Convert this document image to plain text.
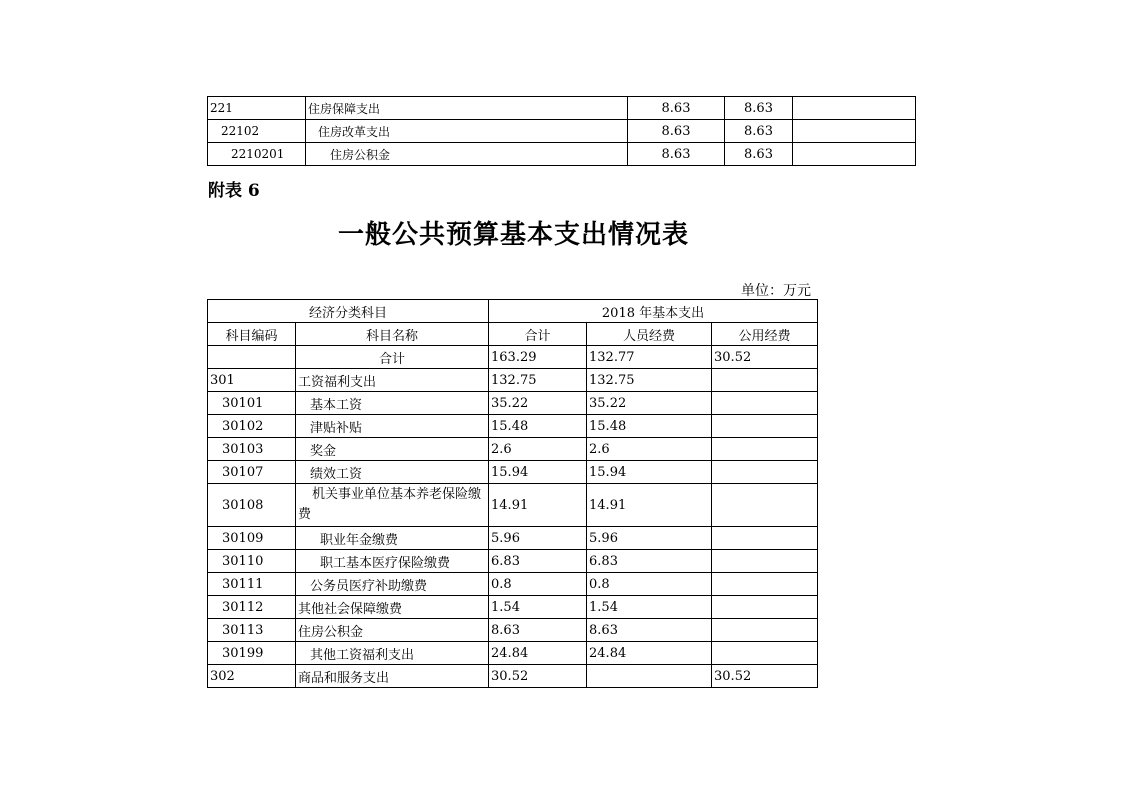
221	住房保障支出	8.63	8.63	
22102	住房改革支出	8.63	8.63	
2210201	住房公积金	8.63	8.63	
附表 6
一般公共预算基本支出情况表
单位：万元
经济分类科目		2018 年基本支出		
科目编码	科目名称	合计	人员经费	公用经费
	合计	163.29	132.77	30.52
301	工资福利支出	132.75	132.75	
30101	基本工资	35.22	35.22	
30102	津贴补贴	15.48	15.48	
30103	奖金	2.6	2.6	
30107	绩效工资	15.94	15.94	
30108	机关事业单位基本养老保险缴费	14.91	14.91	
30109	职业年金缴费	5.96	5.96	
30110	职工基本医疗保险缴费	6.83	6.83	
30111	公务员医疗补助缴费	0.8	0.8	
30112	其他社会保障缴费	1.54	1.54	
30113	住房公积金	8.63	8.63	
30199	其他工资福利支出	24.84	24.84	
302	商品和服务支出	30.52		30.52
